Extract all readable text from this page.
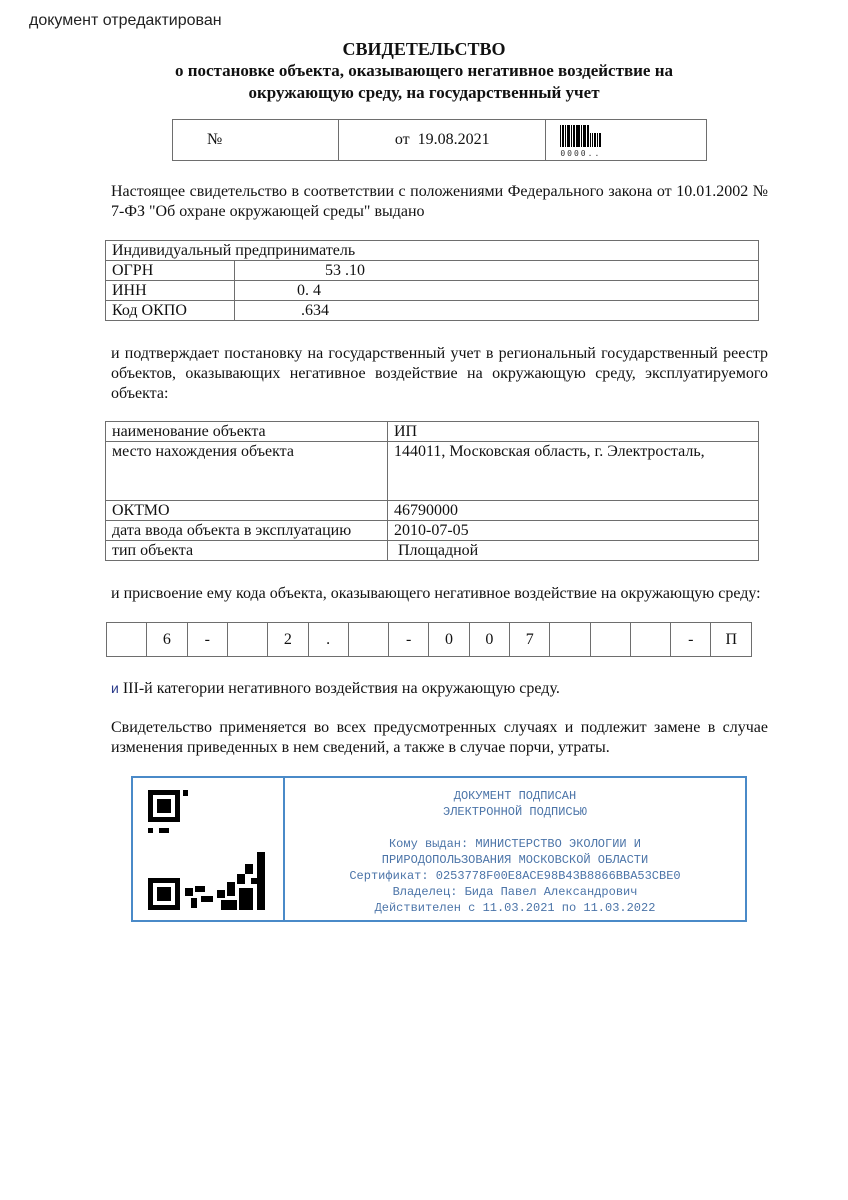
документ отредактирован
СВИДЕТЕЛЬСТВО
о постановке объекта, оказывающего негативное воздействие на
окружающую среду, на государственный учет
№	от 19.08.2021	
0000..
Настоящее свидетельство в соответствии с положениями Федерального закона от 10.01.2002 № 7-ФЗ "Об охране окружающей среды" выдано
Индивидуальный предприниматель	
ОГРН	53 .10
ИНН	0. 4
Код ОКПО	.634
и подтверждает постановку на государственный учет в региональный государственный реестр объектов, оказывающих негативное воздействие на окружающую среду, эксплуатируемого объекта:
наименование объекта	ИП
место нахождения объекта	144011, Московская область, г. Электросталь,
ОКТМО	46790000
дата ввода объекта в эксплуатацию	2010-07-05
тип объекта	Площадной
и присвоение ему кода объекта, оказывающего негативное воздействие на окружающую среду:
	6	-		2	.		-	0	0	7				-	П
и III-й категории негативного воздействия на окружающую среду.
Свидетельство применяется во всех предусмотренных случаях и подлежит замене в случае изменения приведенных в нем сведений, а также в случае порчи, утраты.
ДОКУМЕНТ ПОДПИСАН
ЭЛЕКТРОННОЙ ПОДПИСЬЮ
Кому выдан: МИНИСТЕРСТВО ЭКОЛОГИИ И
ПРИРОДОПОЛЬЗОВАНИЯ МОСКОВСКОЙ ОБЛАСТИ
Сертификат: 0253778F00E8ACE98B43B8866BBA53CBE0
Владелец: Бида Павел Александрович
Действителен с 11.03.2021 по 11.03.2022
